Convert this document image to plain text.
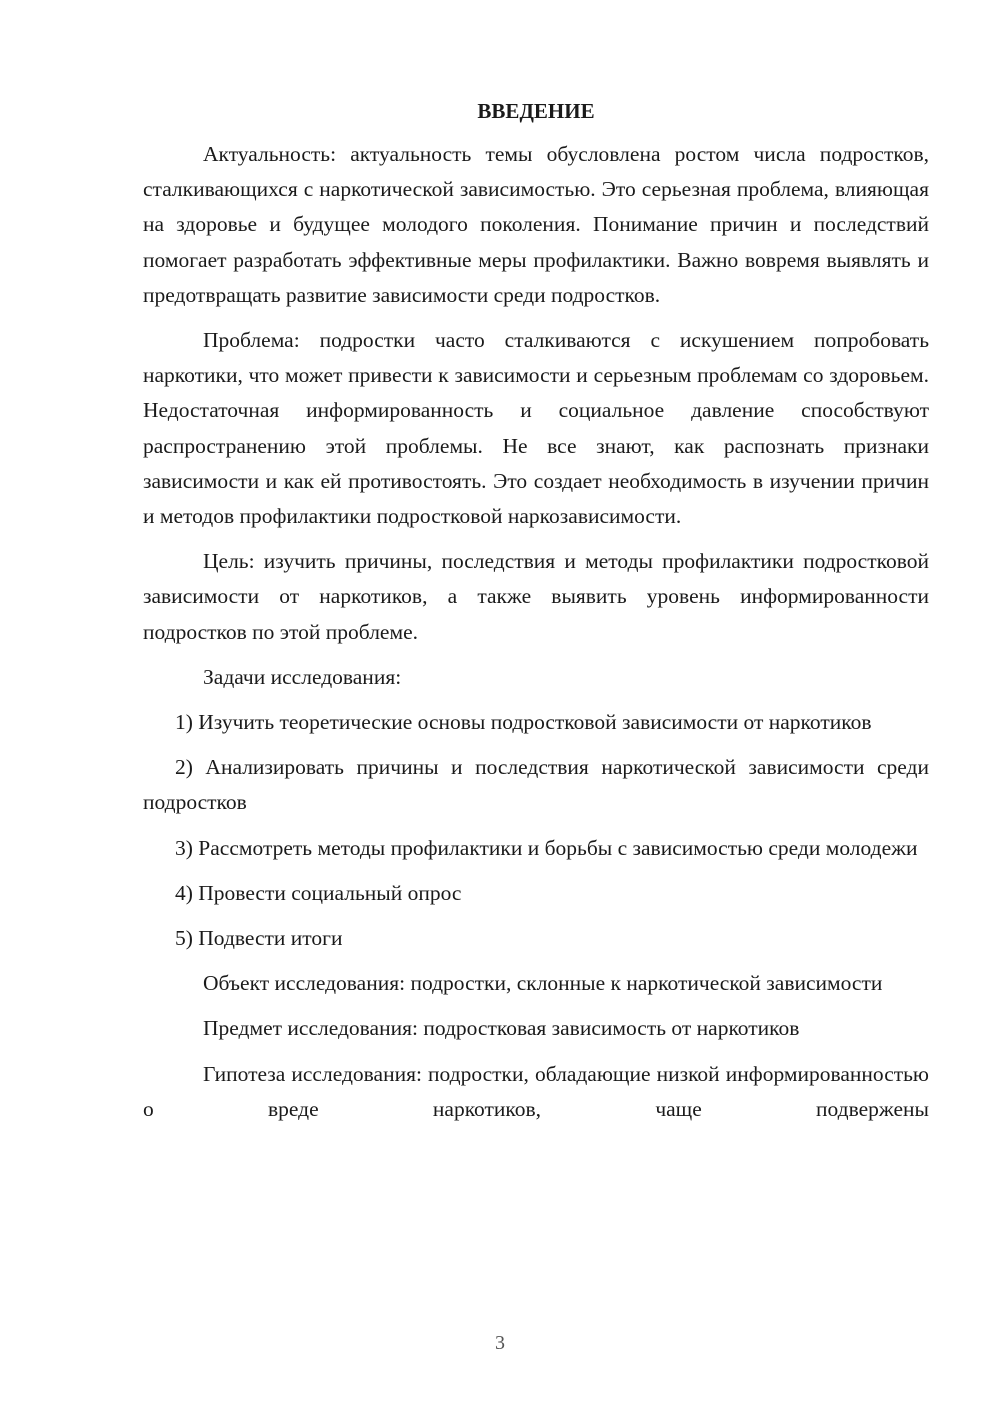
ВВЕДЕНИЕ

Актуальность: актуальность темы обусловлена ростом числа подростков, сталкивающихся с наркотической зависимостью. Это серьезная проблема, влияющая на здоровье и будущее молодого поколения. Понимание причин и последствий помогает разработать эффективные меры профилактики. Важно вовремя выявлять и предотвращать развитие зависимости среди подростков.

Проблема: подростки часто сталкиваются с искушением попробовать наркотики, что может привести к зависимости и серьезным проблемам со здоровьем. Недостаточная информированность и социальное давление способствуют распространению этой проблемы. Не все знают, как распознать признаки зависимости и как ей противостоять. Это создает необходимость в изучении причин и методов профилактики подростковой наркозависимости.

Цель: изучить причины, последствия и методы профилактики подростковой зависимости от наркотиков, а также выявить уровень информированности подростков по этой проблеме.

Задачи исследования:

1) Изучить теоретические основы подростковой зависимости от наркотиков

2) Анализировать причины и последствия наркотической зависимости среди подростков

3) Рассмотреть методы профилактики и борьбы с зависимостью среди молодежи

4) Провести социальный опрос

5) Подвести итоги

Объект исследования: подростки, склонные к наркотической зависимости

Предмет исследования: подростковая зависимость от наркотиков

Гипотеза исследования: подростки, обладающие низкой информированностью о вреде наркотиков, чаще подвержены

3
